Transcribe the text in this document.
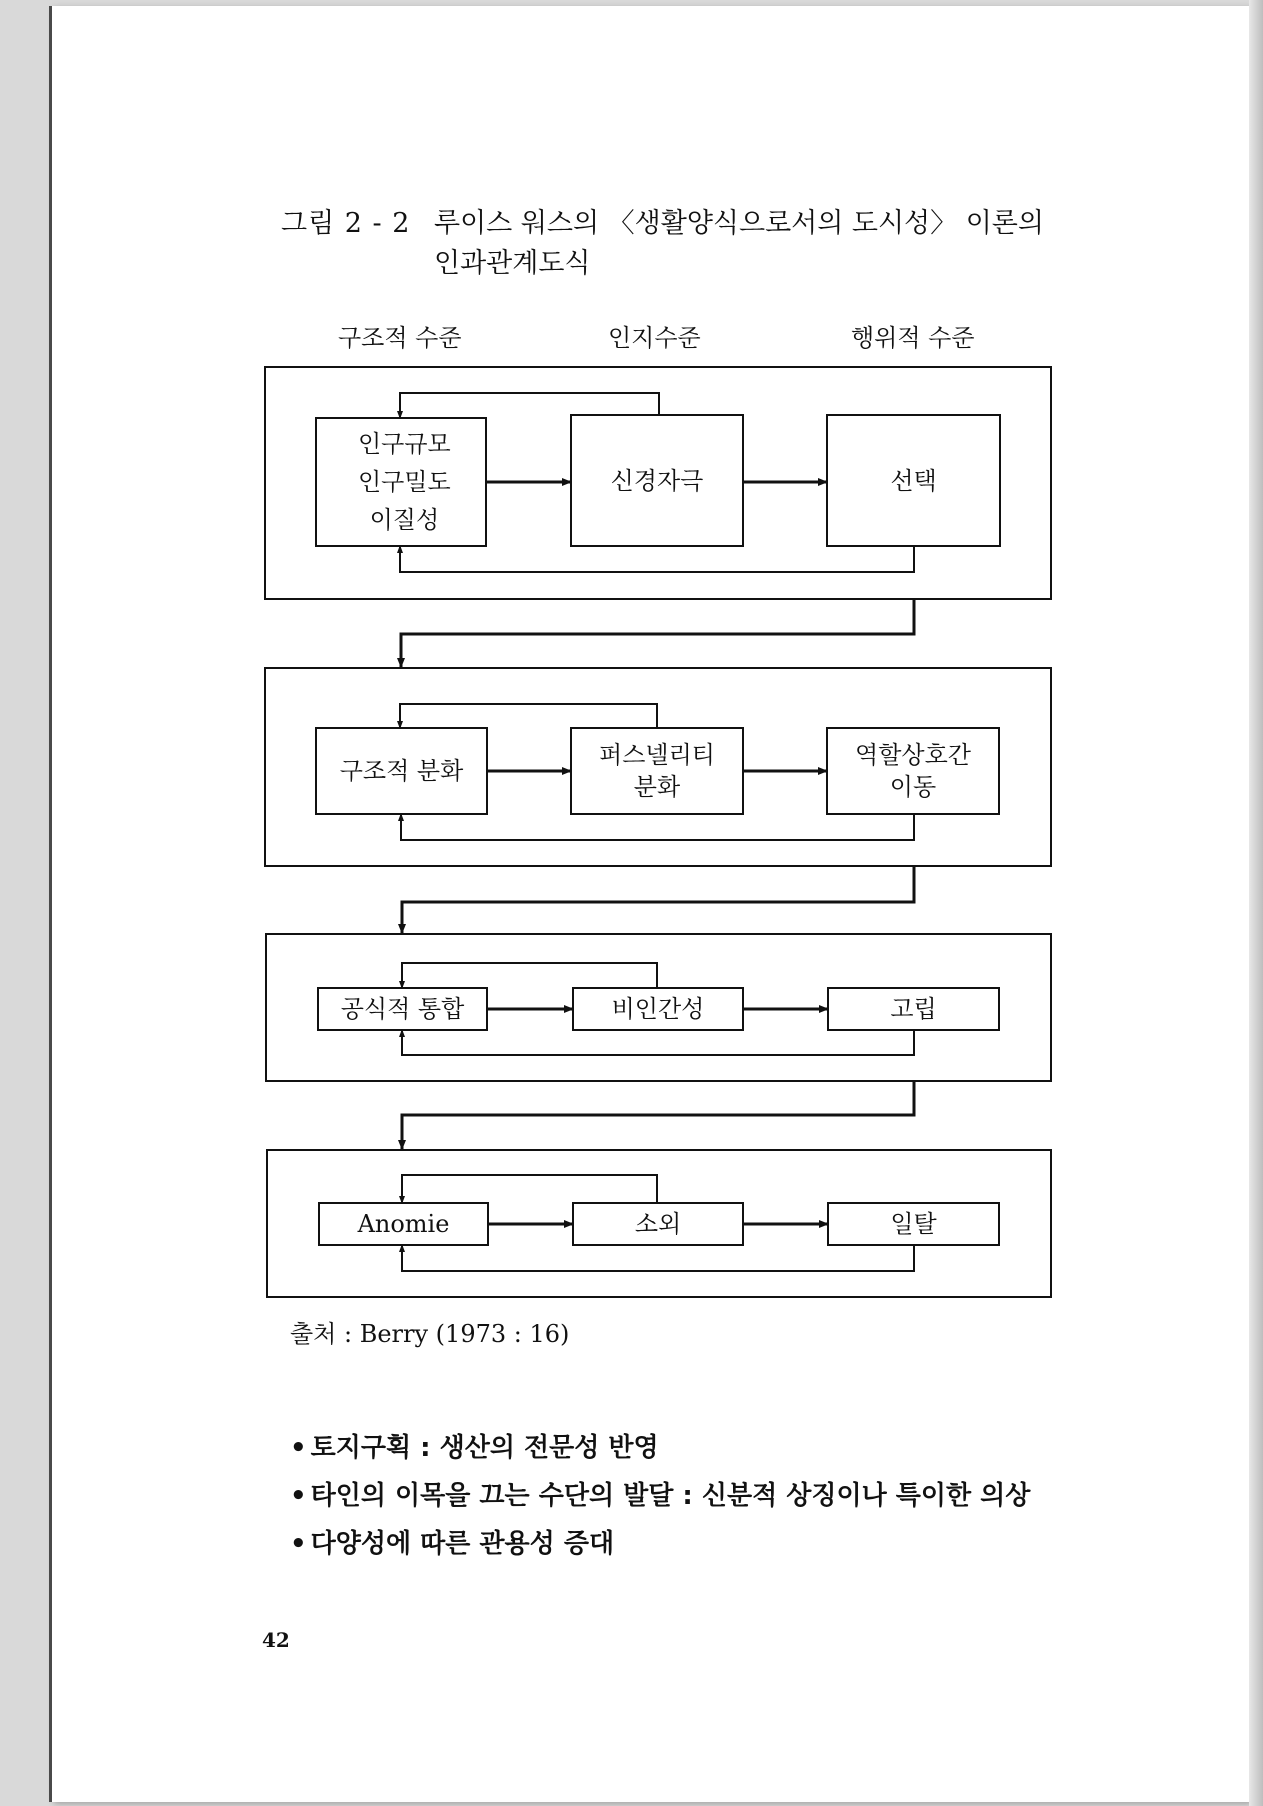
그림 2 - 2 루이스 워스의 〈생활양식으로서의 도시성〉 이론의
인과관계도식
구조적 수준	인지수준	행위적 수준
인구규모
인구밀도
이질성
신경자극	선택
구조적 분화
퍼스넬리티
분화
역할상호간
이동
공식적 통합	비인간성	고립
Anomie	소외	일탈
출처 : Berry (1973 : 16)
• 토지구획 : 생산의 전문성 반영
• 타인의 이목을 끄는 수단의 발달 : 신분적 상징이나 특이한 의상
• 다양성에 따른 관용성 증대
42
